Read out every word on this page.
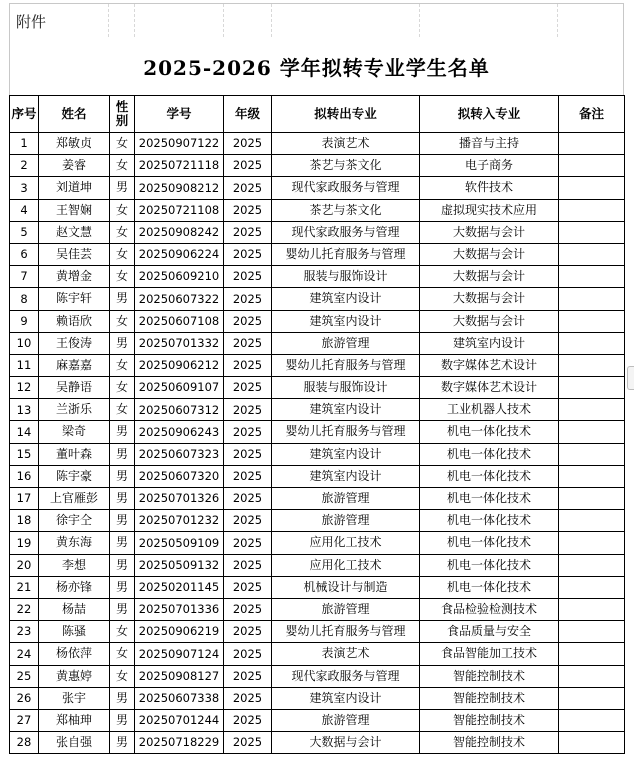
附件
2025-2026 学年拟转专业学生名单
序号	姓名	性别	学号	年级	拟转出专业	拟转入专业	备注
1	郑敏贞	女	20250907122	2025	表演艺术	播音与主持	
2	姜睿	女	20250721118	2025	茶艺与茶文化	电子商务	
3	刘道坤	男	20250908212	2025	现代家政服务与管理	软件技术	
4	王智娴	女	20250721108	2025	茶艺与茶文化	虚拟现实技术应用	
5	赵文慧	女	20250908242	2025	现代家政服务与管理	大数据与会计	
6	吴佳芸	女	20250906224	2025	婴幼儿托育服务与管理	大数据与会计	
7	黄增金	女	20250609210	2025	服装与服饰设计	大数据与会计	
8	陈宇轩	男	20250607322	2025	建筑室内设计	大数据与会计	
9	赖语欣	女	20250607108	2025	建筑室内设计	大数据与会计	
10	王俊涛	男	20250701332	2025	旅游管理	建筑室内设计	
11	麻嘉嘉	女	20250906212	2025	婴幼儿托育服务与管理	数字媒体艺术设计	
12	吴静语	女	20250609107	2025	服装与服饰设计	数字媒体艺术设计	
13	兰浙乐	女	20250607312	2025	建筑室内设计	工业机器人技术	
14	梁奇	男	20250906243	2025	婴幼儿托育服务与管理	机电一体化技术	
15	董叶森	男	20250607323	2025	建筑室内设计	机电一体化技术	
16	陈宇豪	男	20250607320	2025	建筑室内设计	机电一体化技术	
17	上官雁彭	男	20250701326	2025	旅游管理	机电一体化技术	
18	徐宇仝	男	20250701232	2025	旅游管理	机电一体化技术	
19	黄东海	男	20250509109	2025	应用化工技术	机电一体化技术	
20	李想	男	20250509132	2025	应用化工技术	机电一体化技术	
21	杨亦锋	男	20250201145	2025	机械设计与制造	机电一体化技术	
22	杨喆	男	20250701336	2025	旅游管理	食品检验检测技术	
23	陈骚	女	20250906219	2025	婴幼儿托育服务与管理	食品质量与安全	
24	杨依萍	女	20250907124	2025	表演艺术	食品智能加工技术	
25	黄惠婷	女	20250908127	2025	现代家政服务与管理	智能控制技术	
26	张宇	男	20250607338	2025	建筑室内设计	智能控制技术	
27	郑柚珅	男	20250701244	2025	旅游管理	智能控制技术	
28	张自强	男	20250718229	2025	大数据与会计	智能控制技术	
